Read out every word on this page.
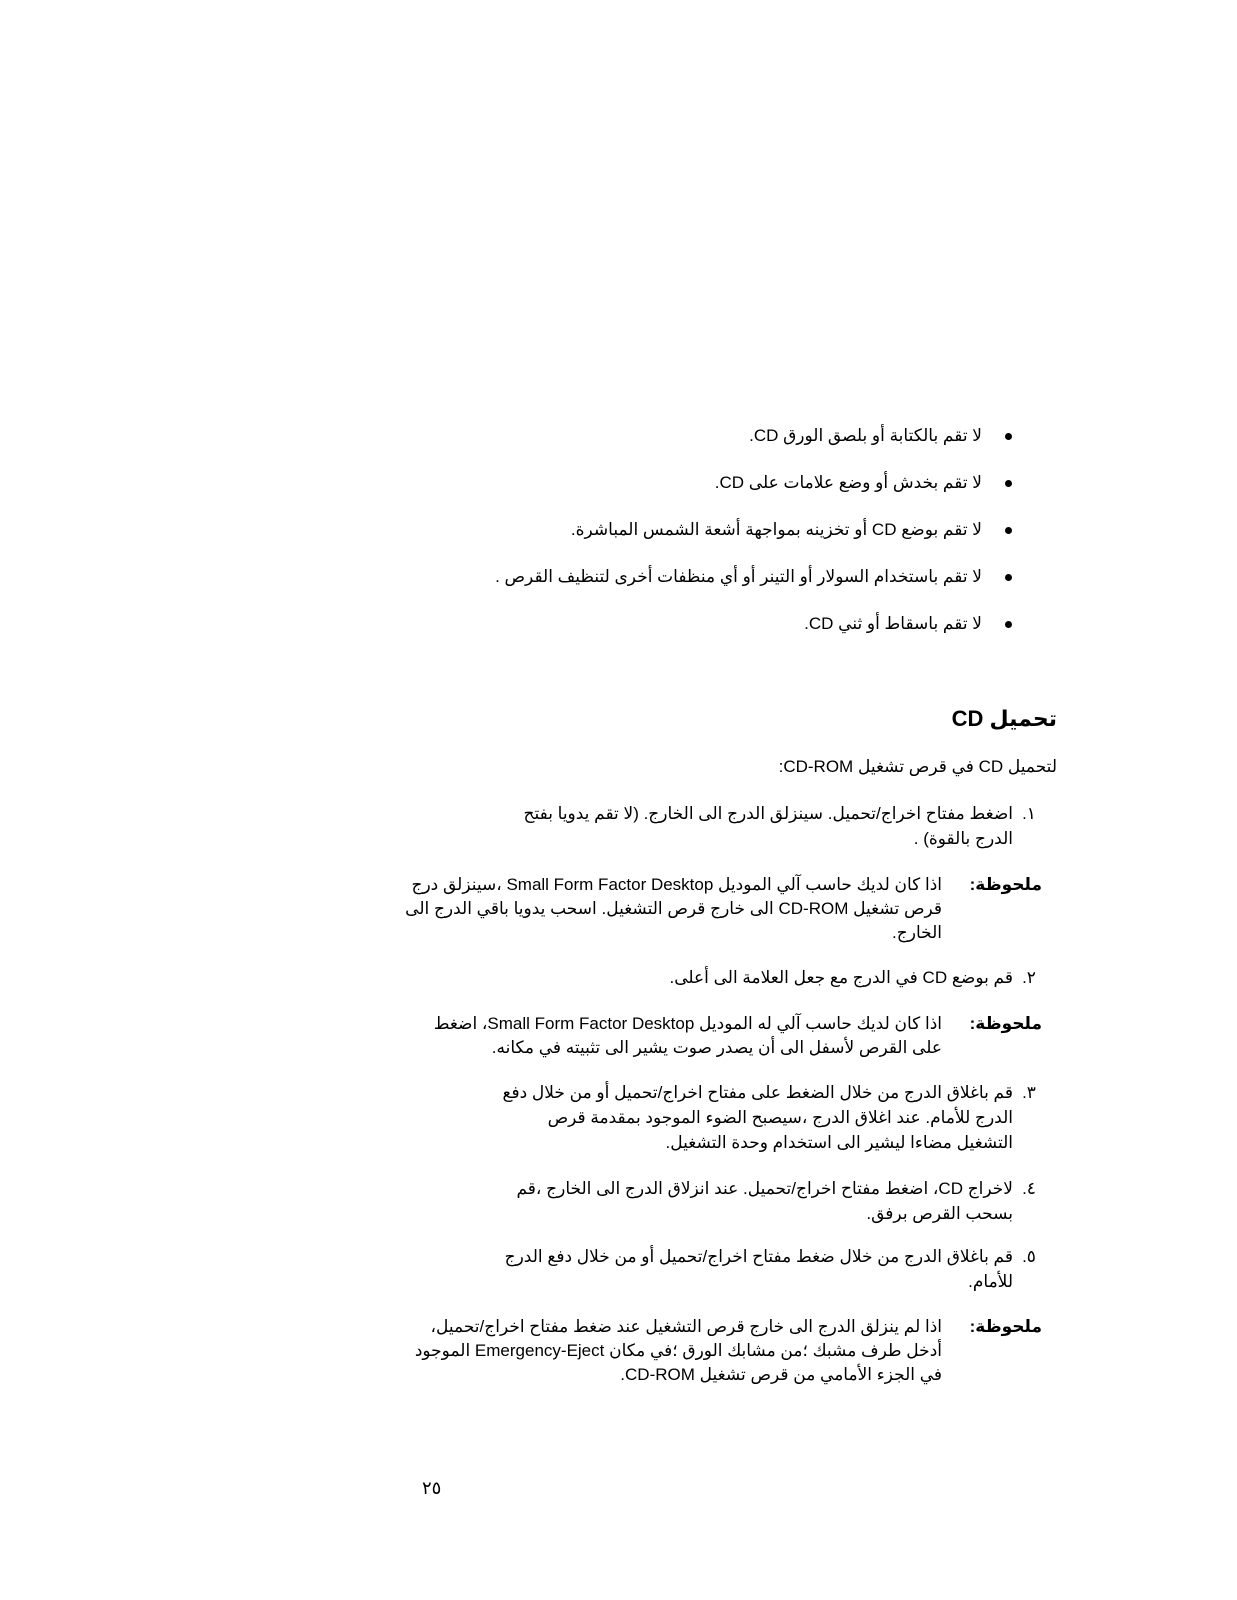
لا تقم بالكتابة أو بلصق الورق CD.
لا تقم بخدش أو وضع علامات على CD.
لا تقم بوضع CD أو تخزينه بمواجهة أشعة الشمس المباشرة.
لا تقم باستخدام السولار أو التينر أو أي منظفات أخرى لتنظيف القرص .
لا تقم باسقاط أو ثني CD.
تحميل CD
لتحميل CD في قرص تشغيل CD-ROM:
١.
اضغط مفتاح اخراج/تحميل. سينزلق الدرج الى الخارج. (لا تقم يدويا بفتح الدرج بالقوة) .
ملحوظة:
اذا كان لديك حاسب آلي الموديل Small Form Factor Desktop ،سينزلق درج قرص تشغيل CD-ROM الى خارج قرص التشغيل. اسحب يدويا باقي الدرج الى الخارج.
٢.
قم بوضع CD في الدرج مع جعل العلامة الى أعلى.
ملحوظة:
اذا كان لديك حاسب آلي له الموديل Small Form Factor Desktop، اضغط على القرص لأسفل الى أن يصدر صوت يشير الى تثبيته في مكانه.
٣.
قم باغلاق الدرج من خلال الضغط على مفتاح اخراج/تحميل أو من خلال دفع الدرج للأمام. عند اغلاق الدرج ،سيصبح الضوء الموجود بمقدمة قرص التشغيل مضاءا ليشير الى استخدام وحدة التشغيل.
٤.
لاخراج CD، اضغط مفتاح اخراج/تحميل. عند انزلاق الدرج الى الخارج ،قم بسحب القرص برفق.
٥.
قم باغلاق الدرج من خلال ضغط مفتاح اخراج/تحميل أو من خلال دفع الدرج للأمام.
ملحوظة:
اذا لم ينزلق الدرج الى خارج قرص التشغيل عند ضغط مفتاح اخراج/تحميل، أدخل طرف مشبك ؛من مشابك الورق ؛في مكان Emergency-Eject الموجود في الجزء الأمامي من قرص تشغيل CD-ROM.
٢٥
